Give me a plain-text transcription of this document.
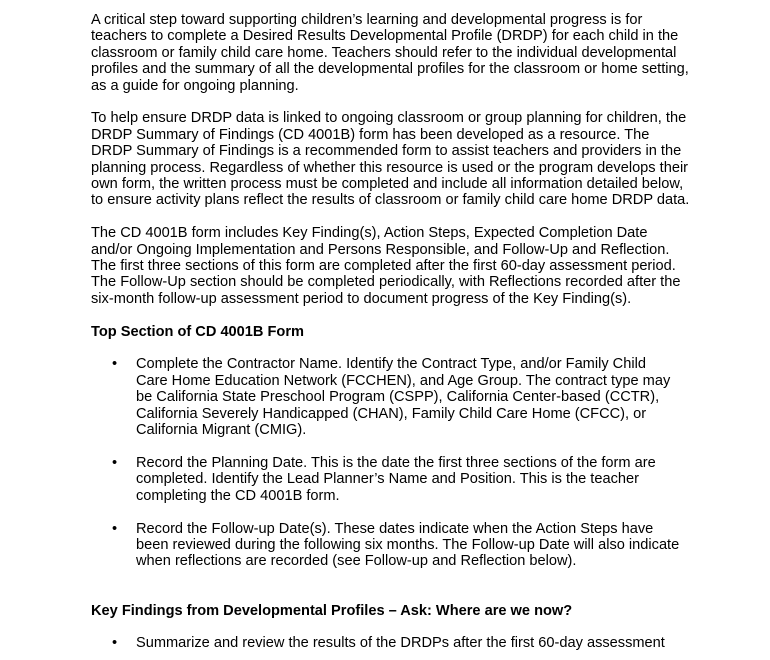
A critical step toward supporting children’s learning and developmental progress is for teachers to complete a Desired Results Developmental Profile (DRDP) for each child in the classroom or family child care home. Teachers should refer to the individual developmental profiles and the summary of all the developmental profiles for the classroom or home setting, as a guide for ongoing planning.

To help ensure DRDP data is linked to ongoing classroom or group planning for children, the DRDP Summary of Findings (CD 4001B) form has been developed as a resource. The DRDP Summary of Findings is a recommended form to assist teachers and providers in the planning process. Regardless of whether this resource is used or the program develops their own form, the written process must be completed and include all information detailed below, to ensure activity plans reflect the results of classroom or family child care home DRDP data.

The CD 4001B form includes Key Finding(s), Action Steps, Expected Completion Date and/or Ongoing Implementation and Persons Responsible, and Follow-Up and Reflection. The first three sections of this form are completed after the first 60-day assessment period. The Follow-Up section should be completed periodically, with Reflections recorded after the six-month follow-up assessment period to document progress of the Key Finding(s).

Top Section of CD 4001B Form

• Complete the Contractor Name. Identify the Contract Type, and/or Family Child Care Home Education Network (FCCHEN), and Age Group. The contract type may be California State Preschool Program (CSPP), California Center-based (CCTR), California Severely Handicapped (CHAN), Family Child Care Home (CFCC), or California Migrant (CMIG).
• Record the Planning Date. This is the date the first three sections of the form are completed. Identify the Lead Planner’s Name and Position. This is the teacher completing the CD 4001B form.
• Record the Follow-up Date(s). These dates indicate when the Action Steps have been reviewed during the following six months. The Follow-up Date will also indicate when reflections are recorded (see Follow-up and Reflection below).

Key Findings from Developmental Profiles – Ask: Where are we now?

• Summarize and review the results of the DRDPs after the first 60-day assessment
